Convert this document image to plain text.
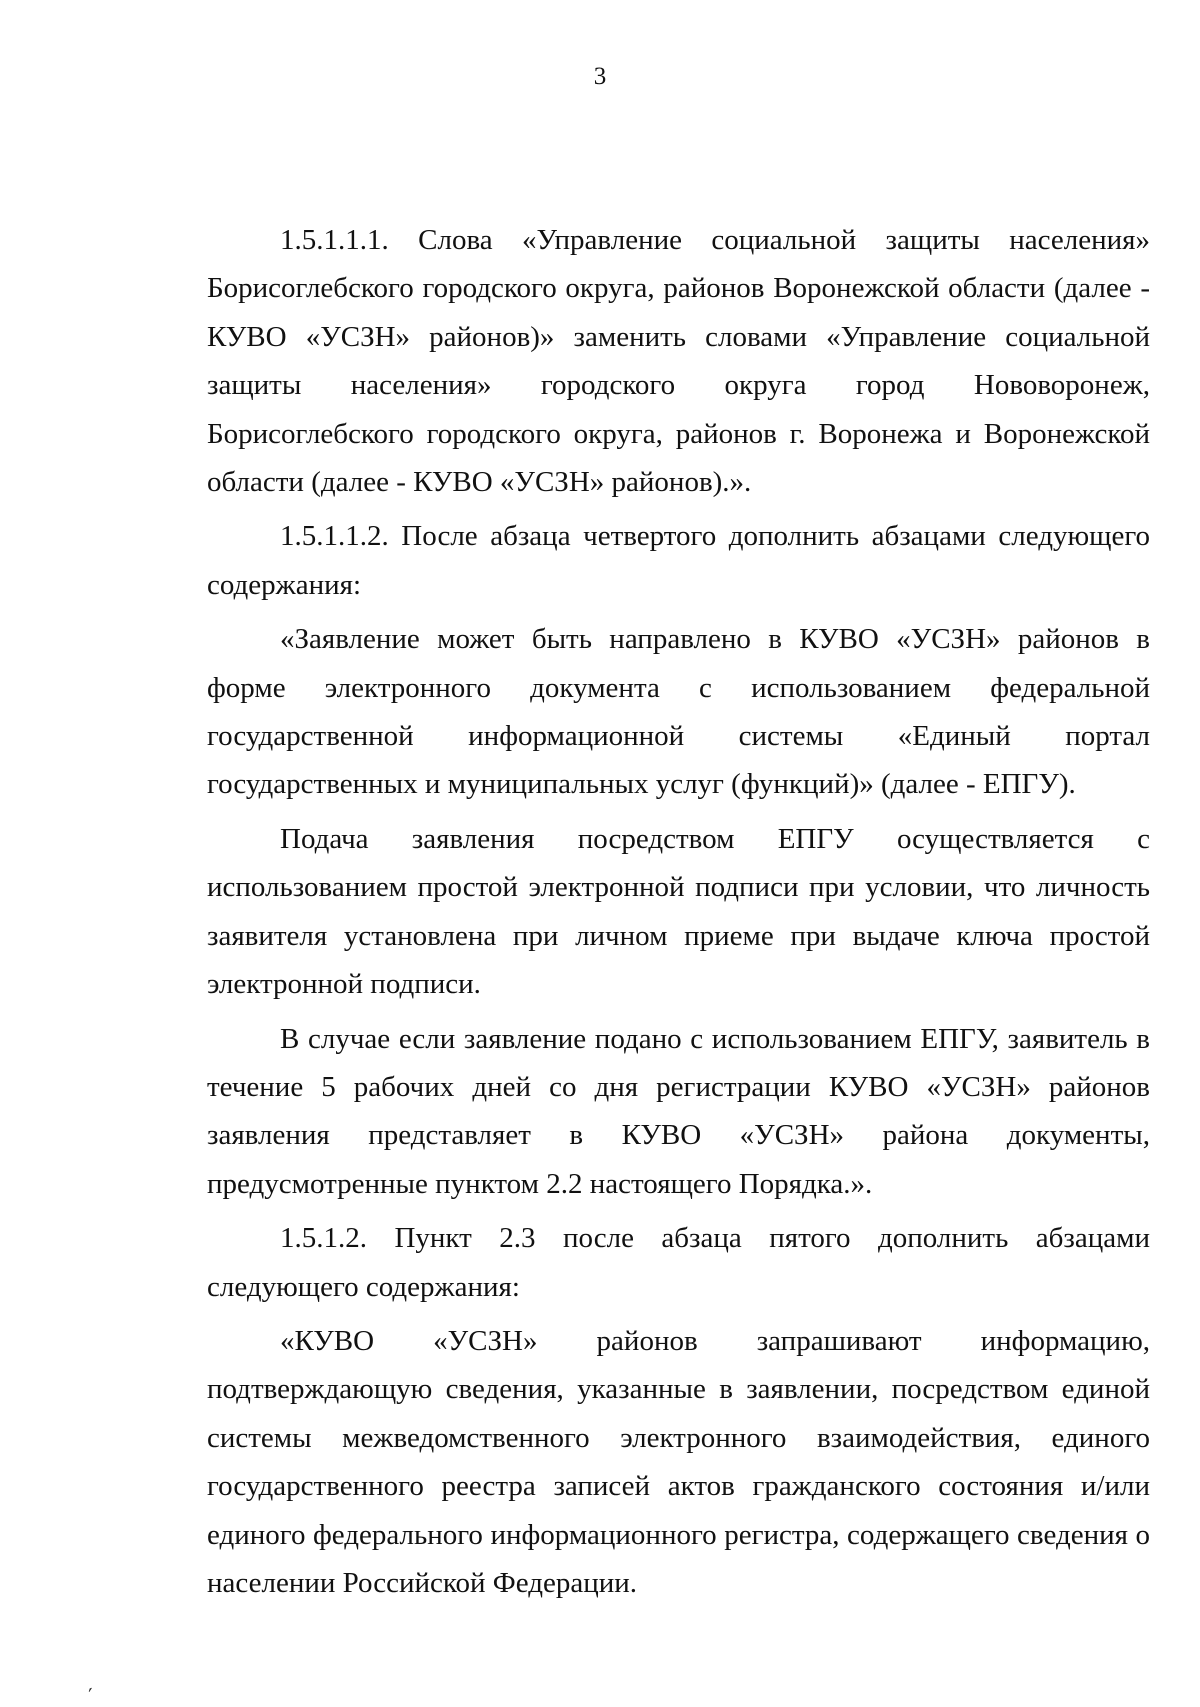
3

1.5.1.1.1. Слова «Управление социальной защиты населения» Борисоглебского городского округа, районов Воронежской области (далее - КУВО «УСЗН» районов)» заменить словами «Управление социальной защиты населения» городского округа город Нововоронеж, Борисоглебского городского округа, районов г. Воронежа и Воронежской области (далее - КУВО «УСЗН» районов).».

1.5.1.1.2. После абзаца четвертого дополнить абзацами следующего содержания:

«Заявление может быть направлено в КУВО «УСЗН» районов в форме электронного документа с использованием федеральной государственной информационной системы «Единый портал государственных и муниципальных услуг (функций)» (далее - ЕПГУ).

Подача заявления посредством ЕПГУ осуществляется с использованием простой электронной подписи при условии, что личность заявителя установлена при личном приеме при выдаче ключа простой электронной подписи.

В случае если заявление подано с использованием ЕПГУ, заявитель в течение 5 рабочих дней со дня регистрации КУВО «УСЗН» районов заявления представляет в КУВО «УСЗН» района документы, предусмотренные пунктом 2.2 настоящего Порядка.».

1.5.1.2. Пункт 2.3 после абзаца пятого дополнить абзацами следующего содержания:

«КУВО «УСЗН» районов запрашивают информацию, подтверждающую сведения, указанные в заявлении, посредством единой системы межведомственного электронного взаимодействия, единого государственного реестра записей актов гражданского состояния и/или единого федерального информационного регистра, содержащего сведения о населении Российской Федерации.

ˊ
